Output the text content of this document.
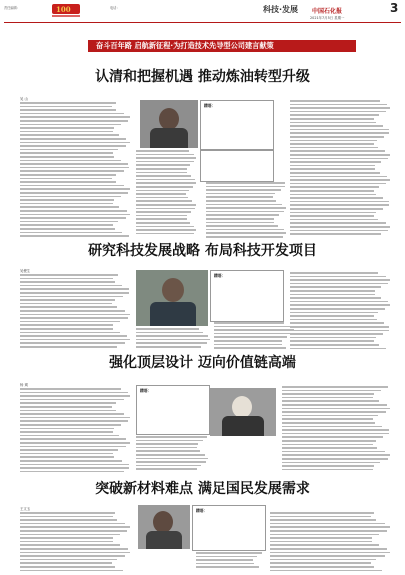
100
责任编辑：	电话：	科技·发展 中国石化报
2021年7月5日 星期一
3
奋斗百年路 启航新征程·为打造技术先导型公司建言献策
认清和把握机遇 推动炼油转型升级
吴 山
精语：
研究科技发展战略 布局科技开发项目
吴俊生
精语：
强化顶层设计 迈向价值链高端
杨 瑛
精语：
突破新材料难点 满足国民发展需求
王文玉	精语：
